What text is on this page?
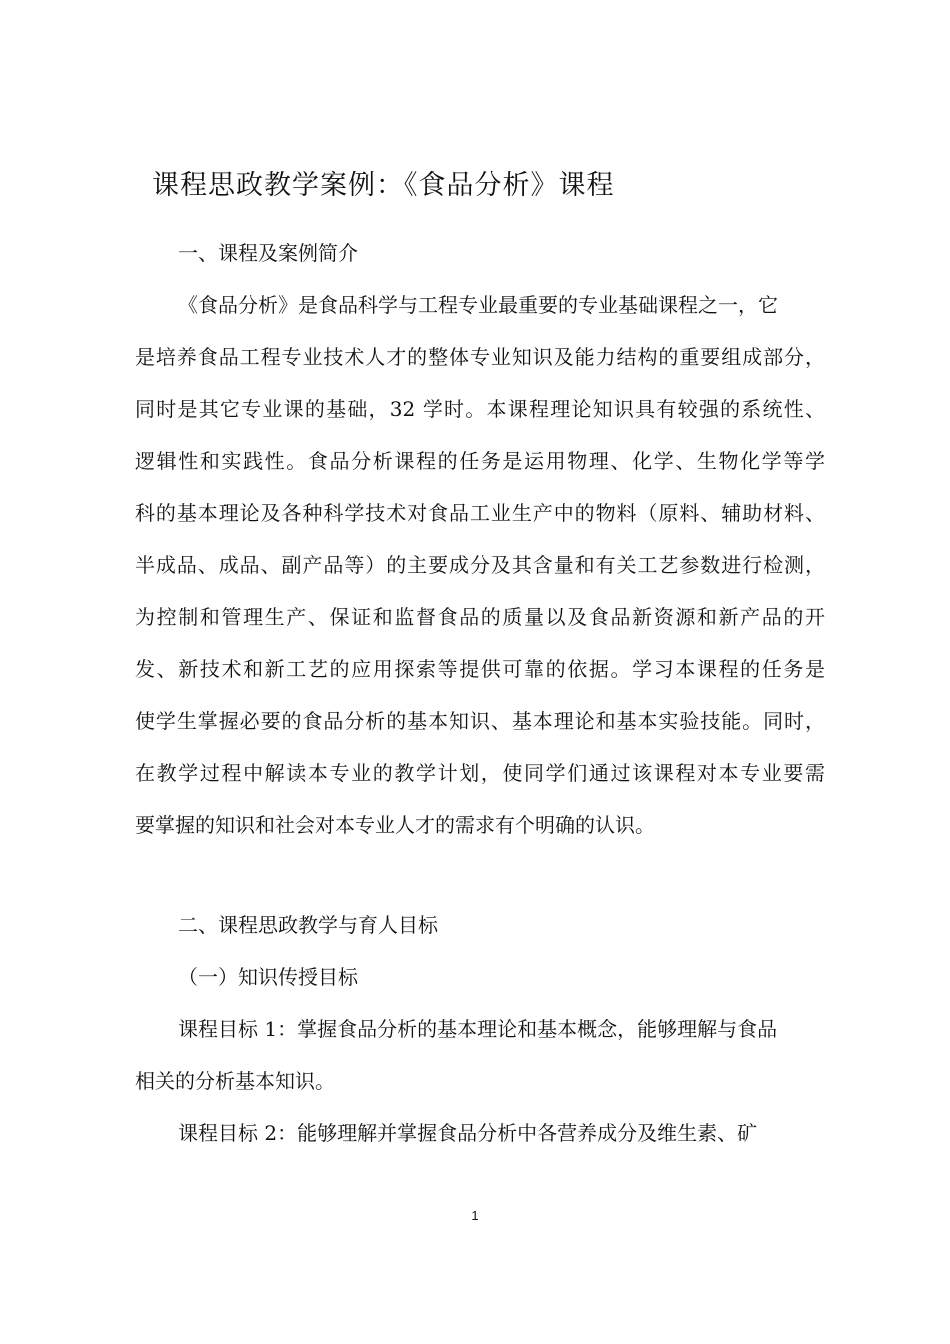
课程思政教学案例：《食品分析》课程
一、课程及案例简介
《食品分析》是食品科学与工程专业最重要的专业基础课程之一，它
是培养食品工程专业技术人才的整体专业知识及能力结构的重要组成部分，
同时是其它专业课的基础，32 学时。本课程理论知识具有较强的系统性、
逻辑性和实践性。食品分析课程的任务是运用物理、化学、生物化学等学
科的基本理论及各种科学技术对食品工业生产中的物料（原料、辅助材料、
半成品、成品、副产品等）的主要成分及其含量和有关工艺参数进行检测，
为控制和管理生产、保证和监督食品的质量以及食品新资源和新产品的开
发、新技术和新工艺的应用探索等提供可靠的依据。学习本课程的任务是
使学生掌握必要的食品分析的基本知识、基本理论和基本实验技能。同时，
在教学过程中解读本专业的教学计划，使同学们通过该课程对本专业要需
要掌握的知识和社会对本专业人才的需求有个明确的认识。
二、课程思政教学与育人目标
（一）知识传授目标
课程目标 1：掌握食品分析的基本理论和基本概念，能够理解与食品
相关的分析基本知识。
课程目标 2：能够理解并掌握食品分析中各营养成分及维生素、矿
1
